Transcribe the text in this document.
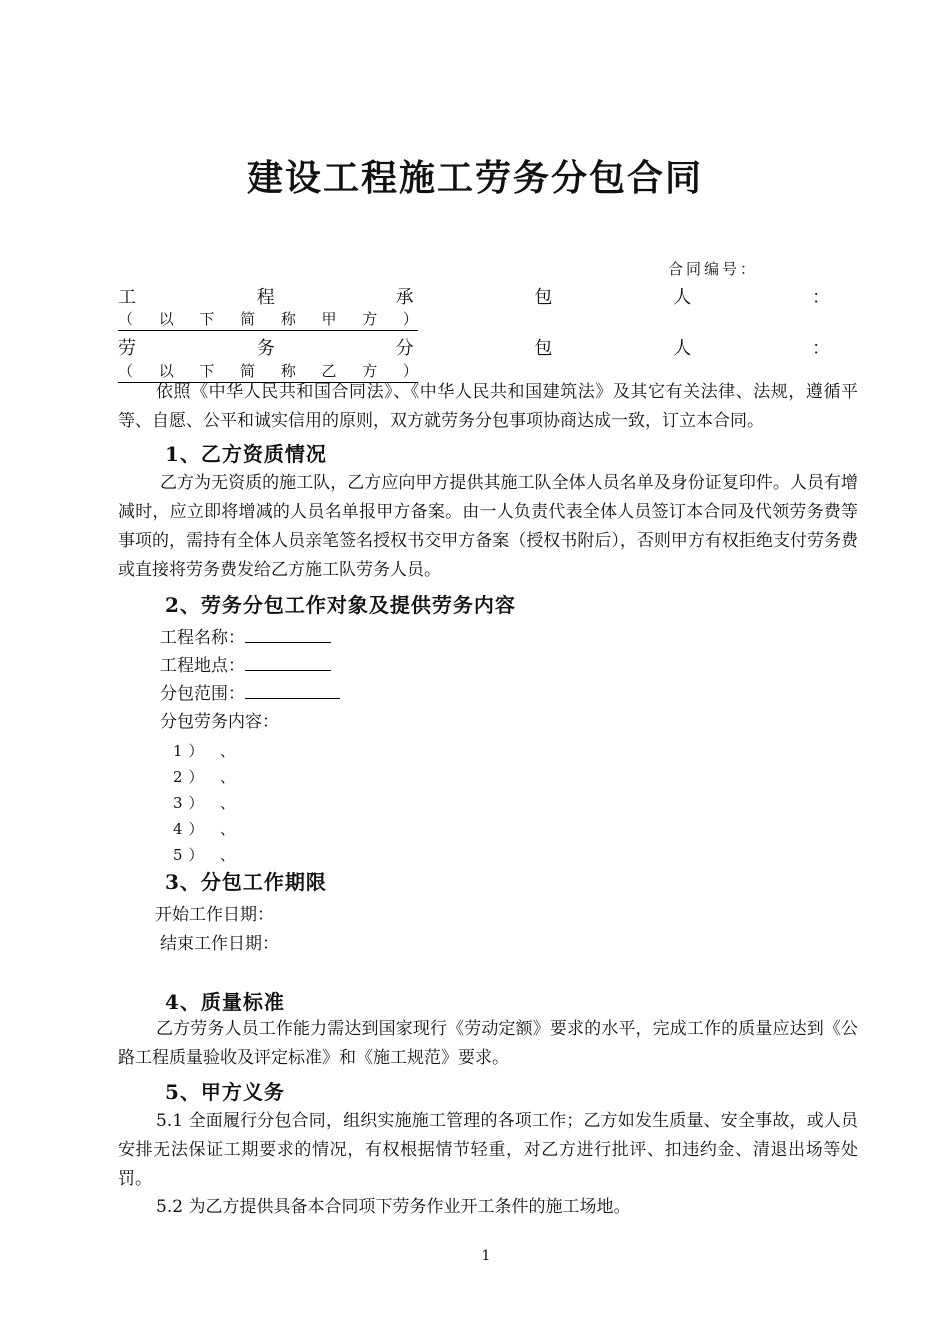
建设工程施工劳务分包合同
合同编号：
工	程	承	包	人	：
（ 以 下 简 称 甲 方 ）
劳	务	分	包	人	：
（ 以 下 简 称 乙 方 ）

依照《中华人民共和国合同法》、《中华人民共和国建筑法》及其它有关法律、法规，遵循平等、自愿、公平和诚实信用的原则，双方就劳务分包事项协商达成一致，订立本合同。

1、乙方资质情况

乙方为无资质的施工队，乙方应向甲方提供其施工队全体人员名单及身份证复印件。人员有增减时，应立即将增减的人员名单报甲方备案。由一人负责代表全体人员签订本合同及代领劳务费等事项的，需持有全体人员亲笔签名授权书交甲方备案（授权书附后），否则甲方有权拒绝支付劳务费或直接将劳务费发给乙方施工队劳务人员。

2、劳务分包工作对象及提供劳务内容
工程名称：
工程地点：
分包范围：
分包劳务内容：
1） 、
2） 、
3） 、
4） 、
5） 、
3、分包工作期限
开始工作日期：
结束工作日期：
4、质量标准

乙方劳务人员工作能力需达到国家现行《劳动定额》要求的水平，完成工作的质量应达到《公路工程质量验收及评定标准》和《施工规范》要求。

5、甲方义务

5.1 全面履行分包合同，组织实施施工管理的各项工作；乙方如发生质量、安全事故，或人员安排无法保证工期要求的情况，有权根据情节轻重，对乙方进行批评、扣违约金、清退出场等处罚。

5.2 为乙方提供具备本合同项下劳务作业开工条件的施工场地。

1
